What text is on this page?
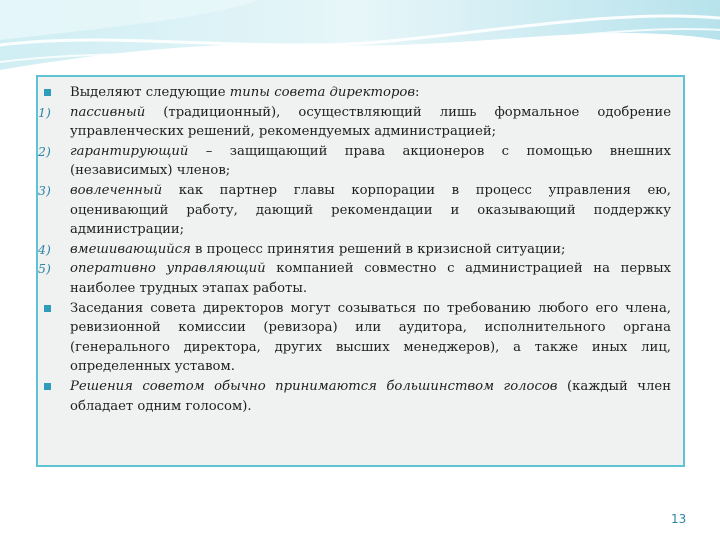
Выделяют следующие типы совета директоров:
1)	пассивный (традиционный), осуществляющий лишь формальное одобрение управленческих решений, рекомендуемых администрацией;
2)	гарантирующий – защищающий права акционеров с помощью внешних (независимых) членов;
3)	вовлеченный как партнер главы корпорации в процесс управления ею, оценивающий работу, дающий рекомендации и оказывающий поддержку администрации;
4)	вмешивающийся в процесс принятия решений в кризисной ситуации;
5)	оперативно управляющий компанией совместно с администрацией на первых наиболее трудных этапах работы.
Заседания совета директоров могут созываться по требованию любого его члена, ревизионной комиссии (ревизора) или аудитора, исполнительного органа (генерального директора, других высших менеджеров), а также иных лиц, определенных уставом.
Решения советом обычно принимаются большинством голосов (каждый член обладает одним голосом).
13
